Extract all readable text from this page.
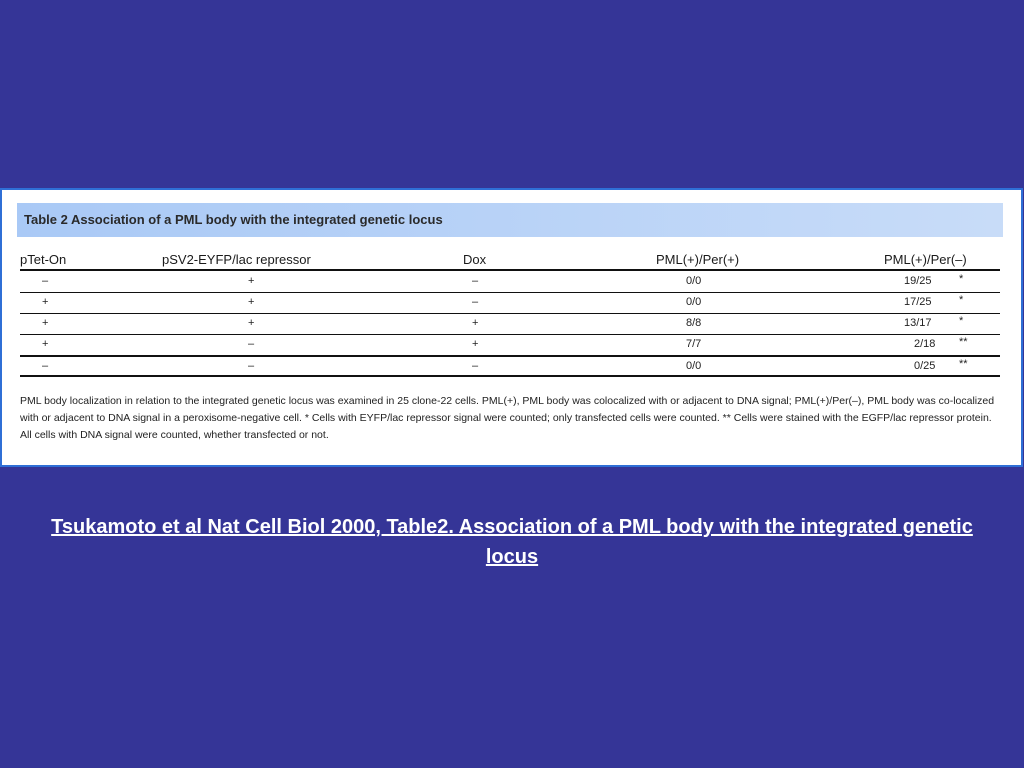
Table 2 Association of a PML body with the integrated genetic locus
pTet-On	pSV2-EYFP/lac repressor	Dox	PML(+)/Per(+)	PML(+)/Per(–)
–	+	–	0/0	19/25 *
+	+	–	0/0	17/25 *
+	+	+	8/8	13/17 *
+	–	+	7/7	2/18 **
–	–	–	0/0	0/25 **
PML body localization in relation to the integrated genetic locus was examined in 25 clone-22 cells. PML(+), PML body was colocalized with or adjacent to DNA signal; PML(+)/Per(–), PML body was co-localized with or adjacent to DNA signal in a peroxisome-negative cell. * Cells with EYFP/lac repressor signal were counted; only transfected cells were counted. ** Cells were stained with the EGFP/lac repressor protein. All cells with DNA signal were counted, whether transfected or not.
Tsukamoto et al Nat Cell Biol 2000, Table2. Association of a PML body with the integrated genetic locus
